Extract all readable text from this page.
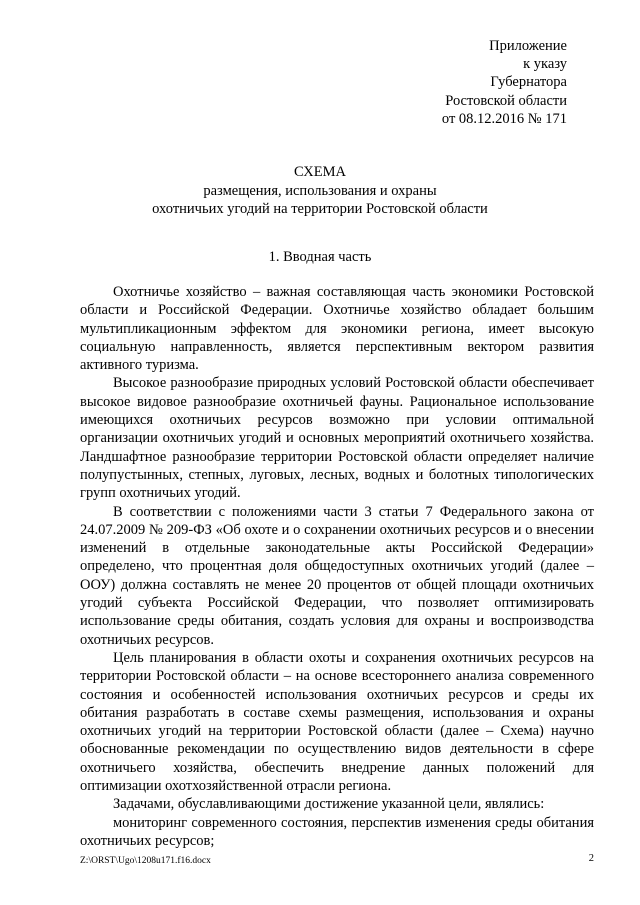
Приложение
к указу
Губернатора
Ростовской области
от 08.12.2016 № 171
СХЕМА
размещения, использования и охраны
охотничьих угодий на территории Ростовской области
1. Вводная часть

Охотничье хозяйство – важная составляющая часть экономики Ростовской области и Российской Федерации. Охотничье хозяйство обладает большим мультипликационным эффектом для экономики региона, имеет высокую социальную направленность, является перспективным вектором развития активного туризма.

Высокое разнообразие природных условий Ростовской области обеспечивает высокое видовое разнообразие охотничьей фауны. Рациональное использование имеющихся охотничьих ресурсов возможно при условии оптимальной организации охотничьих угодий и основных мероприятий охотничьего хозяйства. Ландшафтное разнообразие территории Ростовской области определяет наличие полупустынных, степных, луговых, лесных, водных и болотных типологических групп охотничьих угодий.

В соответствии с положениями части 3 статьи 7 Федерального закона от 24.07.2009 № 209-ФЗ «Об охоте и о сохранении охотничьих ресурсов и о внесении изменений в отдельные законодательные акты Российской Федерации» определено, что процентная доля общедоступных охотничьих угодий (далее – ООУ) должна составлять не менее 20 процентов от общей площади охотничьих угодий субъекта Российской Федерации, что позволяет оптимизировать использование среды обитания, создать условия для охраны и воспроизводства охотничьих ресурсов.

Цель планирования в области охоты и сохранения охотничьих ресурсов на территории Ростовской области – на основе всестороннего анализа современного состояния и особенностей использования охотничьих ресурсов и среды их обитания разработать в составе схемы размещения, использования и охраны охотничьих угодий на территории Ростовской области (далее – Схема) научно обоснованные рекомендации по осуществлению видов деятельности в сфере охотничьего хозяйства, обеспечить внедрение данных положений для оптимизации охотхозяйственной отрасли региона.

Задачами, обуславливающими достижение указанной цели, являлись:

мониторинг современного состояния, перспектив изменения среды обитания охотничьих ресурсов;

Z:\ORST\Ugo\1208u171.f16.docx	2
